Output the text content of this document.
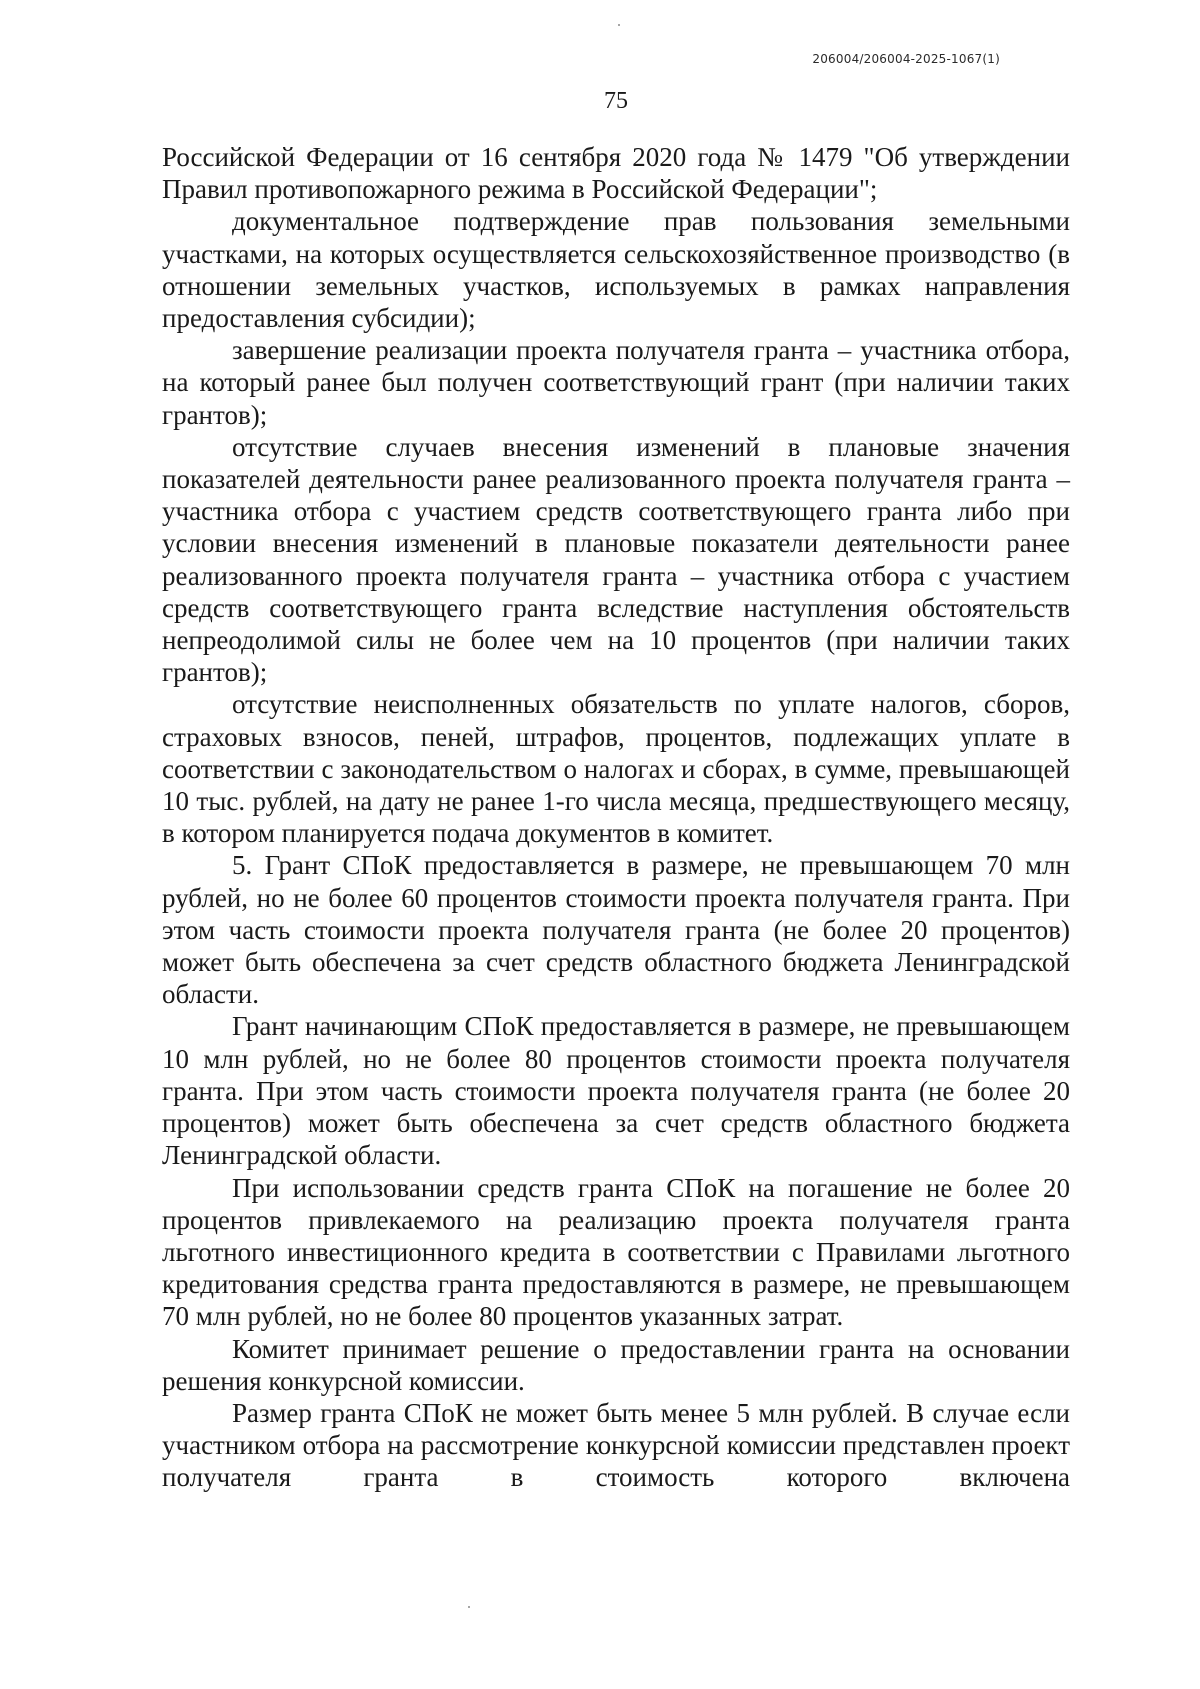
206004/206004-2025-1067(1)
75

Российской Федерации от 16 сентября 2020 года № 1479 "Об утверждении Правил противопожарного режима в Российской Федерации";

документальное подтверждение прав пользования земельными участками, на которых осуществляется сельскохозяйственное производство (в отношении земельных участков, используемых в рамках направления предоставления субсидии);

завершение реализации проекта получателя гранта – участника отбора, на который ранее был получен соответствующий грант (при наличии таких грантов);

отсутствие случаев внесения изменений в плановые значения показателей деятельности ранее реализованного проекта получателя гранта – участника отбора с участием средств соответствующего гранта либо при условии внесения изменений в плановые показатели деятельности ранее реализованного проекта получателя гранта – участника отбора с участием средств соответствующего гранта вследствие наступления обстоятельств непреодолимой силы не более чем на 10 процентов (при наличии таких грантов);

отсутствие неисполненных обязательств по уплате налогов, сборов, страховых взносов, пеней, штрафов, процентов, подлежащих уплате в соответствии с законодательством о налогах и сборах, в сумме, превышающей 10 тыс. рублей, на дату не ранее 1-го числа месяца, предшествующего месяцу, в котором планируется подача документов в комитет.

5. Грант СПоК предоставляется в размере, не превышающем 70 млн рублей, но не более 60 процентов стоимости проекта получателя гранта. При этом часть стоимости проекта получателя гранта (не более 20 процентов) может быть обеспечена за счет средств областного бюджета Ленинградской области.

Грант начинающим СПоК предоставляется в размере, не превышающем 10 млн рублей, но не более 80 процентов стоимости проекта получателя гранта. При этом часть стоимости проекта получателя гранта (не более 20 процентов) может быть обеспечена за счет средств областного бюджета Ленинградской области.

При использовании средств гранта СПоК на погашение не более 20 процентов привлекаемого на реализацию проекта получателя гранта льготного инвестиционного кредита в соответствии с Правилами льготного кредитования средства гранта предоставляются в размере, не превышающем 70 млн рублей, но не более 80 процентов указанных затрат.

Комитет принимает решение о предоставлении гранта на основании решения конкурсной комиссии.

Размер гранта СПоК не может быть менее 5 млн рублей. В случае если участником отбора на рассмотрение конкурсной комиссии представлен проект получателя гранта в стоимость которого включена
